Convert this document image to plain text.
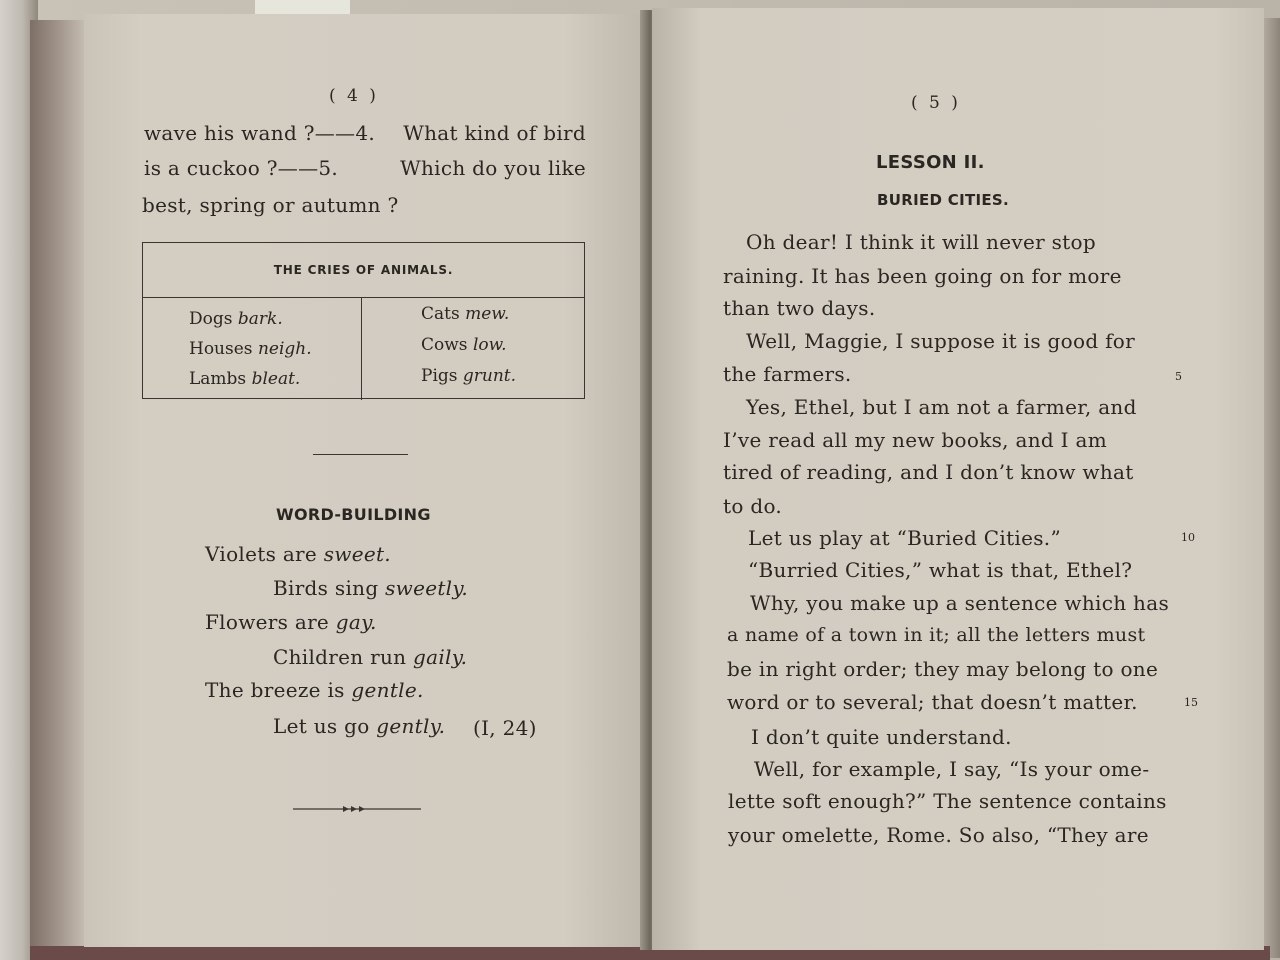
( 4 )
wave his wand ?——4. What kind of bird
is a cuckoo ?——5.	Which do you like
best, spring or autumn ?
THE CRIES OF ANIMALS.
Dogs bark.
Houses neigh.
Lambs bleat.
Cats mew.
Cows low.
Pigs grunt.
WORD-BUILDING
Violets are sweet.
Birds sing sweetly.
Flowers are gay.
Children run gaily.
The breeze is gentle.
Let us go gently. (I, 24)
( 5 )
LESSON II.
BURIED CITIES.
Oh dear! I think it will never stop
raining. It has been going on for more
than two days.
Well, Maggie, I suppose it is good for
the farmers.
Yes, Ethel, but I am not a farmer, and
I’ve read all my new books, and I am
tired of reading, and I don’t know what
to do.
Let us play at “Buried Cities.”
“Burried Cities,” what is that, Ethel?
Why, you make up a sentence which has
a name of a town in it; all the letters must
be in right order; they may belong to one
word or to several; that doesn’t matter.
I don’t quite understand.
Well, for example, I say, “Is your ome-
lette soft enough?” The sentence contains
your omelette, Rome. So also, “They are
5
10
15
